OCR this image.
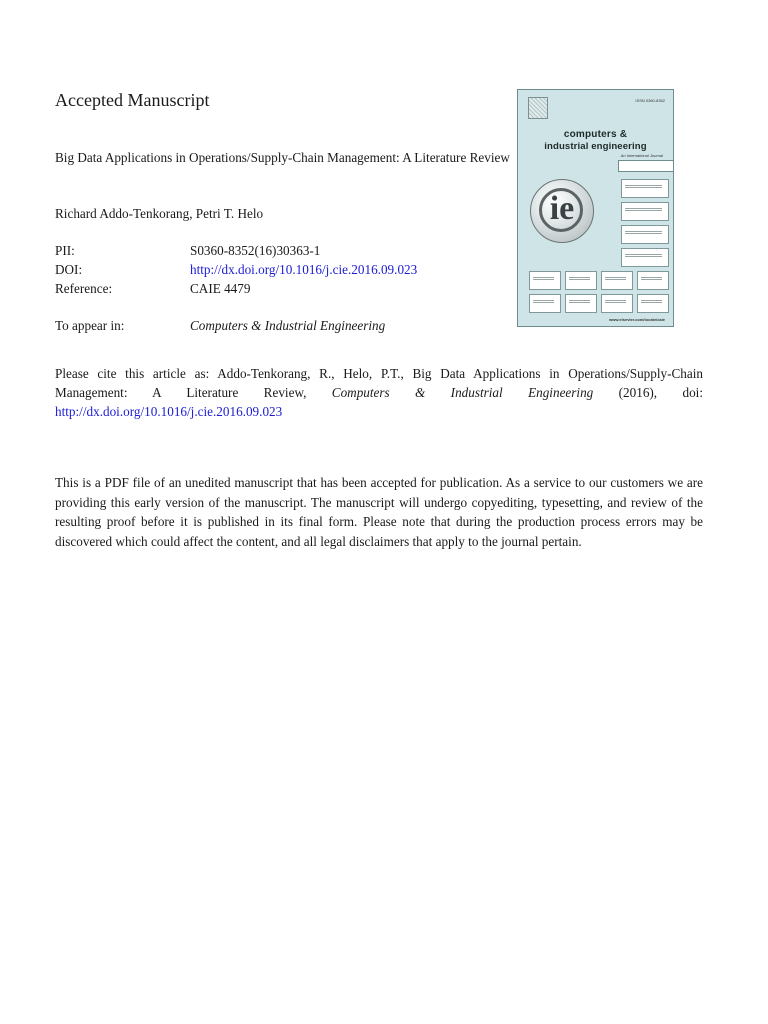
Accepted Manuscript
Big Data Applications in Operations/Supply-Chain Management: A Literature Review
Richard Addo-Tenkorang, Petri T. Helo
PII:	S0360-8352(16)30363-1
DOI:	http://dx.doi.org/10.1016/j.cie.2016.09.023
Reference:	CAIE 4479
To appear in:	Computers & Industrial Engineering
Please cite this article as: Addo-Tenkorang, R., Helo, P.T., Big Data Applications in Operations/Supply-Chain Management: A Literature Review, Computers & Industrial Engineering (2016), doi: http://dx.doi.org/10.1016/j.cie.2016.09.023
This is a PDF file of an unedited manuscript that has been accepted for publication. As a service to our customers we are providing this early version of the manuscript. The manuscript will undergo copyediting, typesetting, and review of the resulting proof before it is published in its final form. Please note that during the production process errors may be discovered which could affect the content, and all legal disclaimers that apply to the journal pertain.
ISSN 0360-8352
computers &
industrial engineering
An International Journal
ie
www.elsevier.com/locate/caie
